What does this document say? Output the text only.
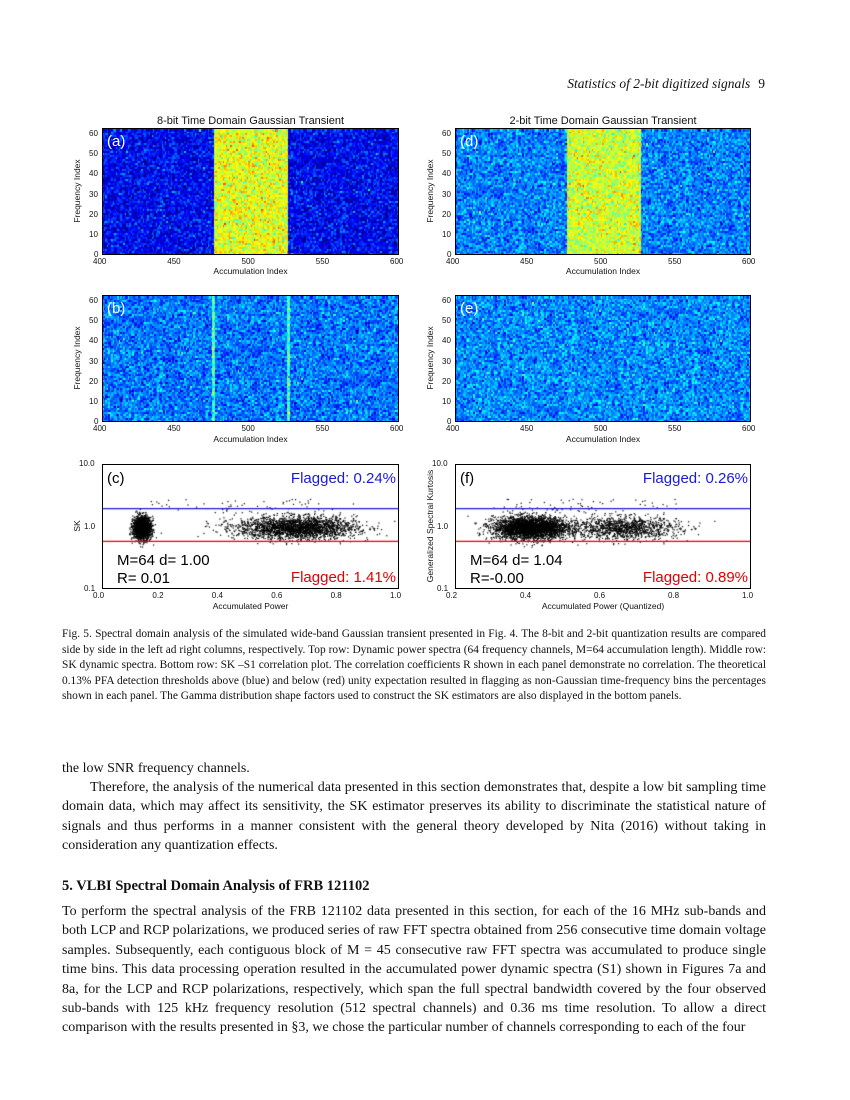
Statistics of 2-bit digitized signals 9
8-bit Time Domain Gaussian Transient
(a)
Frequency Index
Accumulation Index
400	450	500	550	600
0
10
20
30
40
50
60
2-bit Time Domain Gaussian Transient
(d)
Frequency Index
Accumulation Index
400	450	500	550	600
0
10
20
30
40
50
60
(b)
Frequency Index
Accumulation Index
400	450	500	550	600
0
10
20
30
40
50
60	(e)
Frequency Index
Accumulation Index
400	450	500	550	600
0
10
20
30
40
50
60
(c)	Flagged: 0.24%
Flagged: 1.41%
M=64 d= 1.00
R= 0.01
SK
Accumulated Power
0.0	0.2	0.4	0.6	0.8	1.0
0.1
1.0
10.0
(f)	Flagged: 0.26%
Flagged: 0.89%
M=64 d= 1.04
R=-0.00
Generalized Spectral Kurtosis
Accumulated Power (Quantized)
0.2	0.4	0.6	0.8	1.0
0.1
1.0
10.0
Fig. 5. Spectral domain analysis of the simulated wide-band Gaussian transient presented in Fig. 4. The 8-bit and 2-bit quantization results are compared side by side in the left ad right columns, respectively. Top row: Dynamic power spectra (64 frequency channels, M=64 accumulation length). Middle row: SK dynamic spectra. Bottom row: SK –S1 correlation plot. The correlation coefficients R shown in each panel demonstrate no correlation. The theoretical 0.13% PFA detection thresholds above (blue) and below (red) unity expectation resulted in flagging as non-Gaussian time-frequency bins the percentages shown in each panel. The Gamma distribution shape factors used to construct the SK estimators are also displayed in the bottom panels.
the low SNR frequency channels.
Therefore, the analysis of the numerical data presented in this section demonstrates that, despite a low bit sampling time domain data, which may affect its sensitivity, the SK estimator preserves its ability to discriminate the statistical nature of signals and thus performs in a manner consistent with the general theory developed by Nita (2016) without taking in consideration any quantization effects.
5. VLBI Spectral Domain Analysis of FRB 121102
To perform the spectral analysis of the FRB 121102 data presented in this section, for each of the 16 MHz sub-bands and both LCP and RCP polarizations, we produced series of raw FFT spectra obtained from 256 consecutive time domain voltage samples. Subsequently, each contiguous block of M = 45 consecutive raw FFT spectra was accumulated to produce single time bins. This data processing operation resulted in the accumulated power dynamic spectra (S1) shown in Figures 7a and 8a, for the LCP and RCP polarizations, respectively, which span the full spectral bandwidth covered by the four observed sub-bands with 125 kHz frequency resolution (512 spectral channels) and 0.36 ms time resolution. To allow a direct comparison with the results presented in §3, we chose the particular number of channels corresponding to each of the four
